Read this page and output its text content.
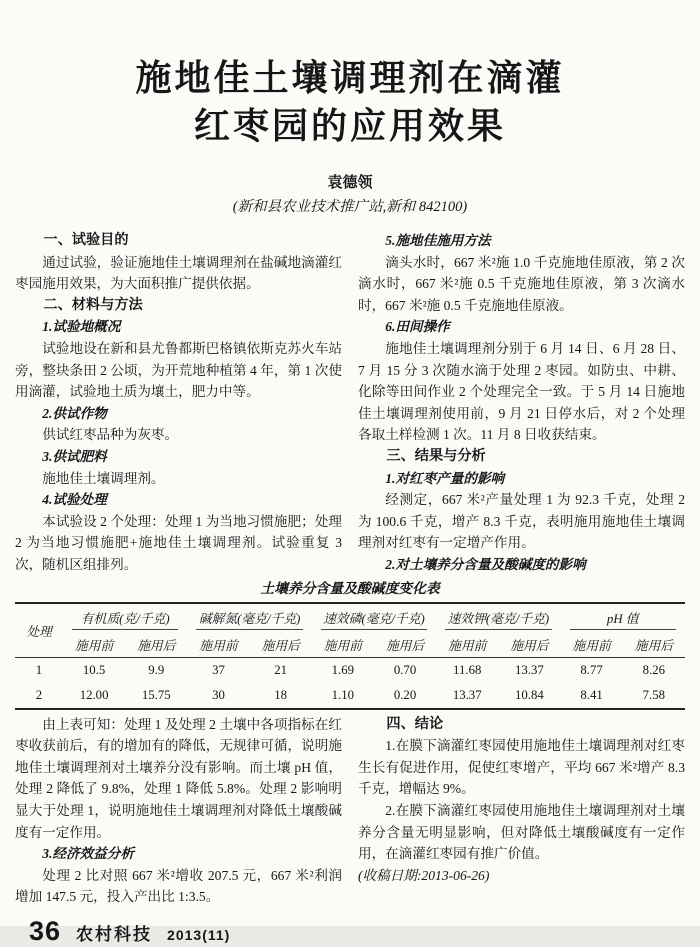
施地佳土壤调理剂在滴灌
红枣园的应用效果
袁德领
(新和县农业技术推广站,新和 842100)
一、试验目的

通过试验，验证施地佳土壤调理剂在盐碱地滴灌红枣园施用效果，为大面积推广提供依据。

二、材料与方法
1.试验地概况

试验地设在新和县尤鲁都斯巴格镇依斯克苏火车站旁，整块条田 2 公顷，为开荒地种植第 4 年，第 1 次使用滴灌，试验地土质为壤土，肥力中等。

2.供试作物

供试红枣品种为灰枣。

3.供试肥料

施地佳土壤调理剂。

4.试验处理

本试验设 2 个处理：处理 1 为当地习惯施肥；处理 2 为当地习惯施肥+施地佳土壤调理剂。试验重复 3 次，随机区组排列。

5.施地佳施用方法

滴头水时，667 米²施 1.0 千克施地佳原液，第 2 次滴水时，667 米²施 0.5 千克施地佳原液，第 3 次滴水时，667 米²施 0.5 千克施地佳原液。

6.田间操作

施地佳土壤调理剂分别于 6 月 14 日、6 月 28 日、7 月 15 分 3 次随水滴于处理 2 枣园。如防虫、中耕、化除等田间作业 2 个处理完全一致。于 5 月 14 日施地佳土壤调理剂使用前，9 月 21 日停水后，对 2 个处理各取土样检测 1 次。11 月 8 日收获结束。

三、结果与分析
1.对红枣产量的影响

经测定，667 米²产量处理 1 为 92.3 千克，处理 2 为 100.6 千克，增产 8.3 千克，表明施用施地佳土壤调理剂对红枣有一定增产作用。

2.对土壤养分含量及酸碱度的影响
土壤养分含量及酸碱度变化表
处理	有机质(克/千克)		碱解氮(毫克/千克)		速效磷(毫克/千克)		速效钾(毫克/千克)		pH 值	
	施用前	施用后	施用前	施用后	施用前	施用后	施用前	施用后	施用前	施用后
1	10.5	9.9	37	21	1.69	0.70	11.68	13.37	8.77	8.26
2	12.00	15.75	30	18	1.10	0.20	13.37	10.84	8.41	7.58

由上表可知：处理 1 及处理 2 土壤中各项指标在红枣收获前后，有的增加有的降低，无规律可循，说明施地佳土壤调理剂对土壤养分没有影响。而土壤 pH 值，处理 2 降低了 9.8%，处理 1 降低 5.8%。处理 2 影响明显大于处理 1，说明施地佳土壤调理剂对降低土壤酸碱度有一定作用。

3.经济效益分析

处理 2 比对照 667 米²增收 207.5 元，667 米²利润增加 147.5 元，投入产出比 1:3.5。

四、结论

1.在膜下滴灌红枣园使用施地佳土壤调理剂对红枣生长有促进作用，促使红枣增产，平均 667 米²增产 8.3 千克，增幅达 9%。

2.在膜下滴灌红枣园使用施地佳土壤调理剂对土壤养分含量无明显影响，但对降低土壤酸碱度有一定作用，在滴灌红枣园有推广价值。

(收稿日期:2013-06-26)

36 农村科技 2013(11)
